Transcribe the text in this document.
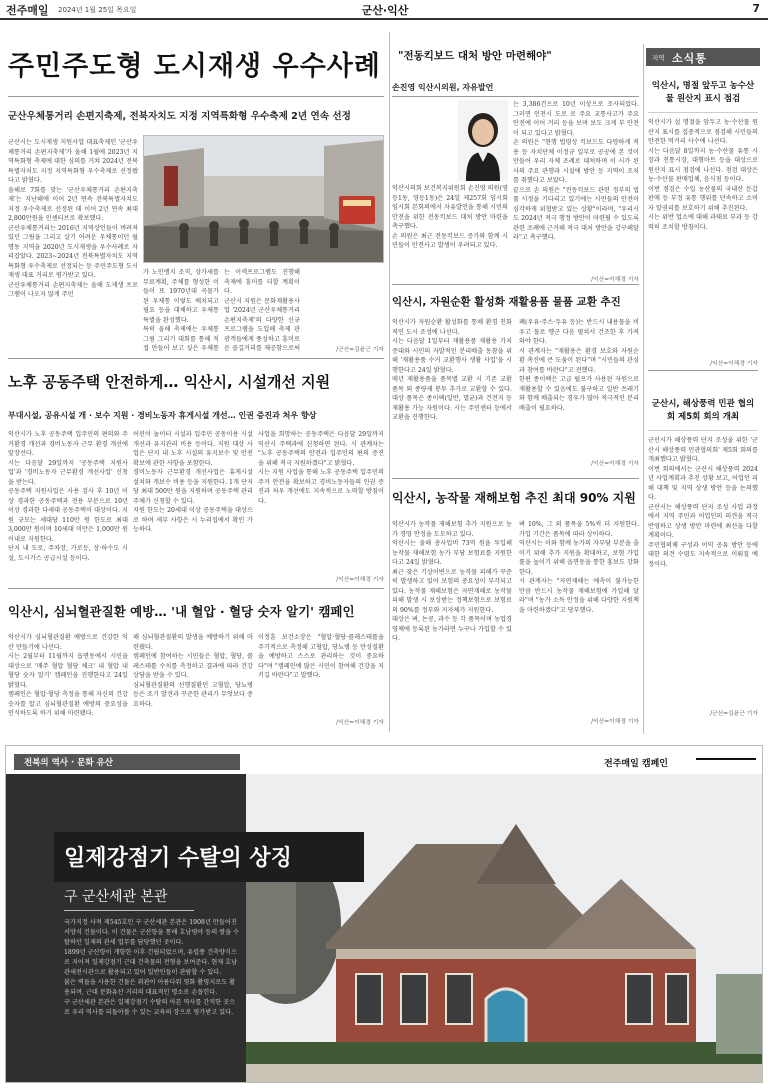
전주매일 2024년 1월 25일 목요일	군산·익산	7
주민주도형 도시재생 우수사례
군산우체통거리 손편지축제, 전북자치도 지정 지역특화형 우수축제 2년 연속 선정
군산시는 도시재생 지원사업 대표축제인 '군산우체통거리 손편지축제'가 올해 1월에 2023년 지역특화형 축제에 대한 심의를 거쳐 2024년 전북특별자치도 지정 지역특화형 우수축제로 선정됐다고 밝혔다.
올해로 7회를 맞는 '군산우체통거리 손편지축제'는 지난해에 이어 2년 연속 전북특별자치도 지정 우수축제로 선정된 데 이어 2년 연속 최대 2,800만원을 인센티브로 확보했다.
군산우체통거리는 2016년 지역상인들이 버려져있던 그림을 그리고 살기 어려운 우체통이던 월명동 지역을 2020년 도시재생을 우수사례로 자리잡았다. 2023~2024년 전북특별자치도 지역특화형 우수축제로 선정되는 등 주민주도형 도시재생 대표 거리로 평가받고 있다.
군산우체통거리 손편지축제는 올해 도재생 프로그램이 나오지 않게 주민
가 노인맹지 조직, 상가세를 무료계획, 주체를 형성한 이들이 또 1970년대 곡물가 된 우체통 이렇도 배치되고 필요 등을 대체하고 우체통 특별을 완성했다.
특히 올해 축제에는 우체통 그림 그리기 대회를 통해 직접 만들어 보고 싶은 우체통
는 이색프로그램도 진행해 축제에 흥미를 더할 계획이다.
군산시 지원은 문화재활용사업 '2024년 군산우체통거리 손편지축제'의 다양한 신규 프로그램을 도입해 축제 관광객들에게 풍성하고 흥미로운 즐길거리를 제공함으로써	/군산=김윤근 기자
노후 공동주택 안전하게… 익산시, 시설개선 지원
부대시설, 공유시설 개 · 보수 지원 · 경비노동자 휴게시설 개선… 인권 증진과 처우 향상
익산시가 노후 공동주택 입주민의 편의와 주거환경 개선과 경비노동자 근무 환경 개선에 앞장선다.
시는 다음달 29일까지 '공동주택 지원사업'과 '경비노동자 근무환경 개선사업' 신청을 받는다.
공동주택 지원사업은 사용 검사 후 10년 이상 경과한 공동주택과 전용 부분으로 10년 이상 경과한 다세대 공동주택이 대상이다. 지원 규모는 세대당 110만 원 한도로 최대 3,000만 원이며 10세대 미만은 1,000만 원 이내로 지원한다.
단지 내 도로, 주차장, 가로등, 상·하수도 시설, 도시가스 공급시설 등이다.
어린이 놀이터 시설과 입주민 공동이용 시설 개선과 유지관리 비용 등이다. 지원 대상 사업은 단지 내 노후 시설의 유지보수 및 안전 확보에 관한 사항을 포함한다.
경비노동자 근무환경 개선사업은 휴게시설 설치와 개보수 비용 등을 지원한다. 1개 단지당 최대 500만 원을 지원하며 공동주택 관리주체가 신청할 수 있다.
지원 한도는 20세대 이상 공동주택을 대상으로 하며 세부 사항은 시 누리집에서 확인 가능하다.
사업을 희망하는 공동주택은 다음달 29일까지 익산시 주택과에 신청하면 된다. 시 관계자는 "노후 공동주택의 안전과 입주민의 편의 증진을 위해 적극 지원하겠다"고 밝혔다.
시는 지원 사업을 통해 노후 공동주택 입주민의 주거 안전을 확보하고 경비노동자들의 인권 증진과 처우 개선에도 지속적으로 노력할 방침이다.
/익산=이해경 기자
익산시, 심뇌혈관질환 예방… '내 혈압 · 혈당 숫자 알기' 캠페인
익산시가 심뇌혈관질환 예방으로 건강한 익산 만들기에 나선다.
시는 2월부터 11월까지 읍면동에서 시민을 대상으로 '매주 혈압 혈당 체크' 내 혈압 내 혈당 숫자 알기' 캠페인을 진행한다고 24일 밝혔다.
캠페인은 혈압·혈당 측정을 통해 자신의 건강 숫자를 알고 심뇌혈관질환 예방의 중요성을 인식하도록 하기 위해 마련됐다.
해 심뇌혈관질환의 발생을 예방하기 위해 마련됐다.
캠페인에 참여하는 시민들은 혈압, 혈당, 콜레스테롤 수치를 측정하고 결과에 따라 건강 상담을 받을 수 있다.
심뇌혈관질환의 선행질환인 고혈압, 당뇨병 등은 조기 발견과 꾸준한 관리가 무엇보다 중요하다.
이정훈 보건소장은 "혈압·혈당·콜레스테롤을 주기적으로 측정해 고혈압, 당뇨병 등 만성질환을 예방하고 스스로 관리하는 것이 중요하다"며 "캠페인에 많은 시민이 참여해 건강을 지키길 바란다"고 말했다.
/익산=이해경 기자
"전동킥보드 대처 방안 마련해야"
손진영 익산시의원, 자유발언
익산시의회 보건복지위원회 손진영 의원(영등1동, 영등1동)은 24일 제257회 임시회 임시회 본회의에서 자유발언을 통해 시민의 안전을 위한 전동킥보드 대처 방안 마련을 촉구했다.
손 의원은 최근 전동킥보드 증가와 함께 시민들이 안전사고 발생이 우려되고 있다.
는 3,386건으로 10년 이상으로 조사되었다. 그러면 인천시 도로 로 주요 교통사고가 주요 안전에 이어 거리 등을 보며 보도 크게 부 안전이 되고 있다고 밝혔다.
손 의원은 "현행 법령상 킥보드도 다양하게 적용 등 자치단체 이정규 일부로 공공에 본 것이 만들어 우리 자체 조례로 대처하며 이 시가 된 사의 주요 관행과 시설에 방안 등 지역이 조치를 취했다고 보았다.
끝으로 손 의원은 "전동킥보드 관련 정부의 법률 시정을 기다리고 있기에는 시민들의 안전이 심각하게 위협받고 있는 상황"이라며, "우리시도 2024년 적극 행정 방안이 마련될 수 있도록 관련 조례에 근거해 적극 대처 방안을 강구해달라"고 촉구했다.
/익산=이해경 기자
익산시, 자원순환 활성화 재활용품 물품 교환 추진
익산시가 자원순환 활성화를 통해 환경 친화적인 도시 조성에 나선다.
시는 다음달 1일부터 재활용품 재활용 가치 증대와 시민의 자발적인 분리배출 동참을 위해 '재활용품 수거 교환행사 생활 사업'을 시행한다고 24일 밝혔다.
매년 재활용품을 품목별 교환 시 기존 교환 품목 외 종량제 봉투 추가로 교환할 수 있다. 대상 품목은 종이팩(일반, 멸균)과 건전지 등 재활용 가능 자원이다. 시는 주민센터 등에서 교환을 진행한다.
폐(우유·주스·두유 등)는 반드시 내용물을 비우고 물로 헹군 다음 펼쳐서 건조한 후 가져와야 한다.
시 관계자는 "재활용은 환경 보호와 자원순환 촉진에 큰 도움이 된다"며 "시민들의 관심과 참여를 바란다"고 전했다.
한편 종이팩은 고급 펄프가 사용된 자원으로 재활용할 수 있음에도 불구하고 일반 쓰레기와 함께 배출되는 경우가 많아 적극적인 분리배출이 필요하다.
/익산=이해경 기자
익산시, 농작물 재해보험 추진 최대 90% 지원
익산시가 농작물 재해보험 추가 지원으로 농가 경영 안정을 도모하고 있다.
익산시는 올해 총사업비 73억 원을 투입해 농작물 재해보험 농가 부담 보험료를 지원한다고 24일 밝혔다.
최근 잦은 기상이변으로 농작물 피해가 꾸준히 발생하고 있어 보험의 중요성이 부각되고 있다. 농작물 재해보험은 자연재해로 농작물 피해 발생 시 보상받는 정책보험으로 보험료의 90%를 정부와 지자체가 지원한다.
대상은 벼, 논콩, 과수 등 각 품목이며 농업경영체에 등록된 농가라면 누구나 가입할 수 있다.
벼 10%, 그 외 품목을 5%씩 더 지원한다. 가입 기간은 품목에 따라 상이하다.
익산시는 이와 함께 농가의 자부담 부분을 줄이기 위해 추가 지원을 확대하고, 보험 가입률을 높이기 위해 읍면동을 통한 홍보도 강화한다.
시 관계자는 "자연재해는 예측이 불가능한 만큼 반드시 농작물 재해보험에 가입해 달라"며 "농가 소득 안정을 위해 다양한 지원책을 마련하겠다"고 당부했다.
/익산=이해경 기자
지역 소식통
익산시, 명절 앞두고 농수산물 원산지 표시 점검
익산시가 설 명절을 앞두고 농·수산물 원산지 표시를 집중적으로 점검해 시민들의 안전한 먹거리 사수에 나선다.
시는 다음달 8일까지 농·수산물 유통 시장과 전통시장, 대형마트 등을 대상으로 원산지 표시 점검에 나선다. 점검 대상은 농·수산물 판매업체, 음식점 등이다.
이번 점검은 수입 농산물의 국내산 둔갑 판매 등 부정 유통 행위를 단속하고 소비자 알권리를 보호하기 위해 추진된다.
시는 위반 업소에 대해 과태료 부과 등 강력히 조치할 방침이다.
/익산=이해경 기자
군산시, 해상풍력 민관 협의회 제5회 회의 개최
군산시가 해상풍력 단지 조성을 위한 '군산시 해상풍력 민관협의회' 제5회 회의를 개최했다고 밝혔다.
이번 회의에서는 군산시 해상풍력 2024년 사업계획과 추진 상황 보고, 어업인 피해 대책 및 지역 상생 방안 등을 논의했다.
군산시는 해상풍력 단지 조성 사업 과정에서 지역 주민과 어업인의 의견을 적극 반영하고 상생 방안 마련에 최선을 다할 계획이다.
주민협의체 구성과 이익 공유 방안 등에 대한 의견 수렴도 지속적으로 이뤄질 예정이다.
/군산=김윤근 기자
전북의 역사 · 문화 유산	전주매일 캠페인
일제강점기 수탈의 상징
구 군산세관 본관
국가지정 사적 제545호인 구 군산세관 본관은 1908년 만들어진 서양식 건물이다. 이 건물은 군산항을 통해 호남평야 등의 쌀을 수탈하던 일제의 관세 업무를 담당했던 곳이다.
1899년 군산항이 개항한 이후 건립되었으며, 유럽풍 건축양식으로 지어져 일제강점기 근대 건축물의 전형을 보여준다. 현재 호남관세전시관으로 활용되고 있어 일반인들이 관람할 수 있다.
붉은 벽돌을 사용한 건물은 외관이 아름다워 영화 촬영지로도 활용되며, 근대 문화유산 거리의 대표적인 명소로 손꼽힌다.
구 군산세관 본관은 일제강점기 수탈의 아픈 역사를 간직한 곳으로 우리 역사를 되돌아볼 수 있는 교육의 장으로 평가받고 있다.
